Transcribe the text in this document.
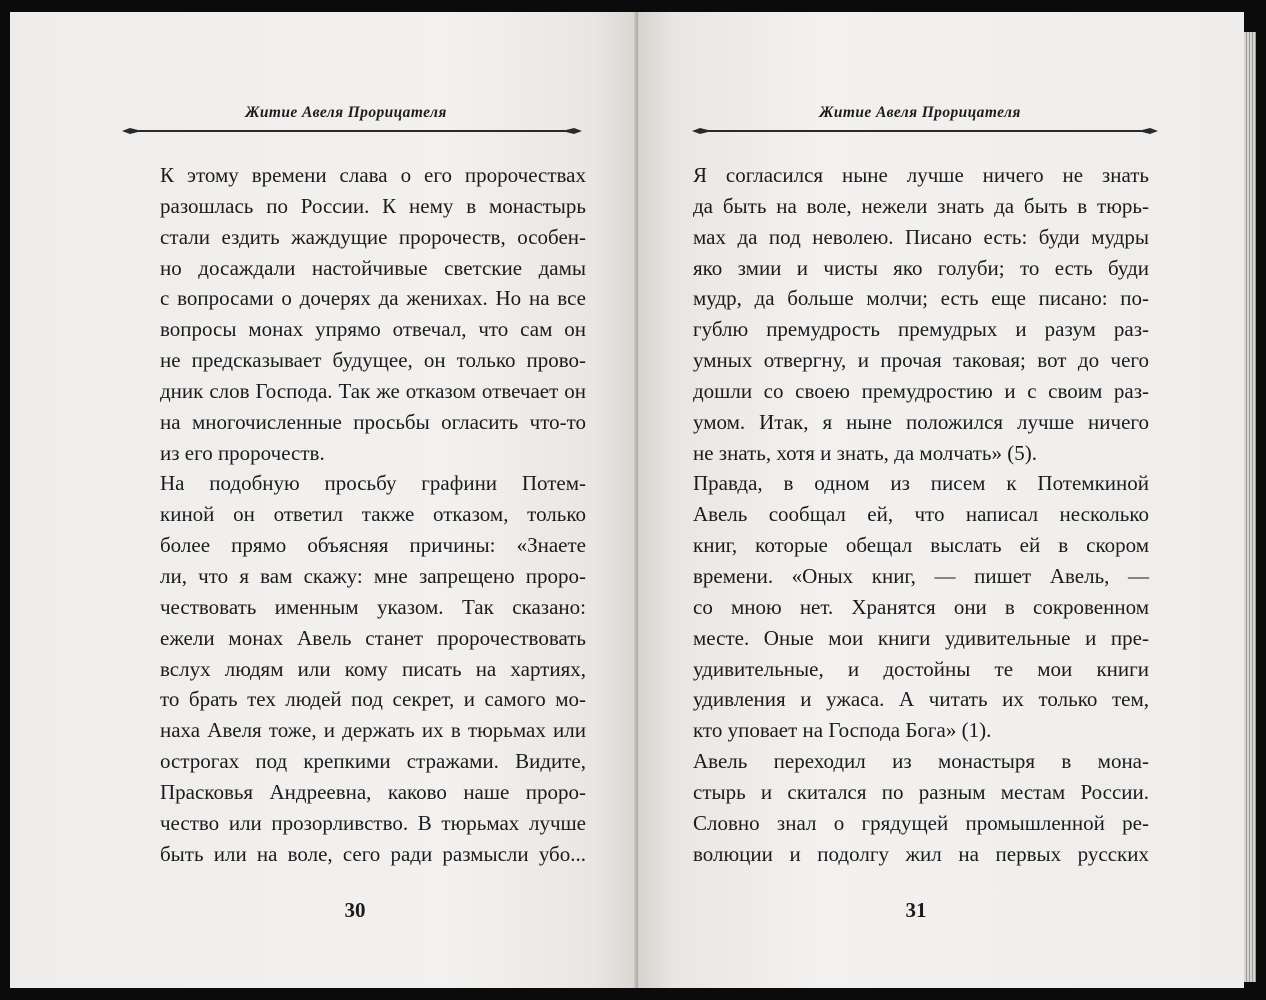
Житие Авеля Прорицателя

К этому времени слава о его пророчествах

разошлась по России. К нему в монастырь

стали ездить жаждущие пророчеств, особен-

но досаждали настойчивые светские дамы

с вопросами о дочерях да женихах. Но на все

вопросы монах упрямо отвечал, что сам он

не предсказывает будущее, он только прово-

дник слов Господа. Так же отказом отвечает он

на многочисленные просьбы огласить что-то

из его пророчеств.

На подобную просьбу графини Потем-

киной он ответил также отказом, только

более прямо объясняя причины: «Знаете

ли, что я вам скажу: мне запрещено проро-

чествовать именным указом. Так сказано:

ежели монах Авель станет пророчествовать

вслух людям или кому писать на хартиях,

то брать тех людей под секрет, и самого мо-

наха Авеля тоже, и держать их в тюрьмах или

острогах под крепкими стражами. Видите,

Прасковья Андреевна, каково наше проро-

чество или прозорливство. В тюрьмах лучше

быть или на воле, сего ради размысли убо...

30
Житие Авеля Прорицателя

Я согласился ныне лучше ничего не знать

да быть на воле, нежели знать да быть в тюрь-

мах да под неволею. Писано есть: буди мудры

яко змии и чисты яко голуби; то есть буди

мудр, да больше молчи; есть еще писано: по-

гублю премудрость премудрых и разум раз-

умных отвергну, и прочая таковая; вот до чего

дошли со своею премудростию и с своим раз-

умом. Итак, я ныне положился лучше ничего

не знать, хотя и знать, да молчать» (5).

Правда, в одном из писем к Потемкиной

Авель сообщал ей, что написал несколько

книг, которые обещал выслать ей в скором

времени. «Оных книг, — пишет Авель, —

со мною нет. Хранятся они в сокровенном

месте. Оные мои книги удивительные и пре-

удивительные, и достойны те мои книги

удивления и ужаса. А читать их только тем,

кто уповает на Господа Бога» (1).

Авель переходил из монастыря в мона-

стырь и скитался по разным местам России.

Словно знал о грядущей промышленной ре-

волюции и подолгу жил на первых русских

31
